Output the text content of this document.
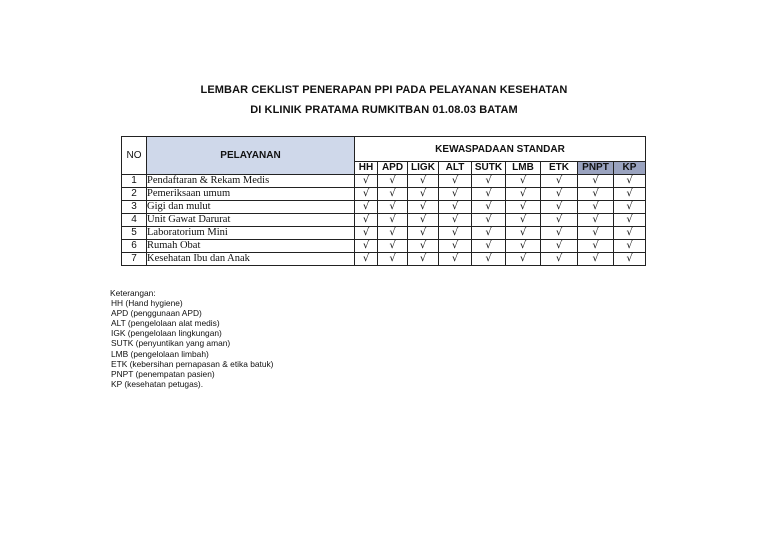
LEMBAR CEKLIST PENERAPAN PPI PADA PELAYANAN KESEHATAN
DI KLINIK PRATAMA RUMKITBAN 01.08.03 BATAM
NO	PELAYANAN	KEWASPADAAN STANDAR								
		HH	APD	LIGK	ALT	SUTK	LMB	ETK	PNPT	KP
1	Pendaftaran & Rekam Medis	√	√	√	√	√	√	√	√	√
2	Pemeriksaan umum	√	√	√	√	√	√	√	√	√
3	Gigi dan mulut	√	√	√	√	√	√	√	√	√
4	Unit Gawat Darurat	√	√	√	√	√	√	√	√	√
5	Laboratorium Mini	√	√	√	√	√	√	√	√	√
6	Rumah Obat	√	√	√	√	√	√	√	√	√
7	Kesehatan Ibu dan Anak	√	√	√	√	√	√	√	√	√
Keterangan:
HH (Hand hygiene)
APD (penggunaan APD)
ALT (pengelolaan alat medis)
IGK (pengelolaan lingkungan)
SUTK (penyuntikan yang aman)
LMB (pengelolaan limbah)
ETK (kebersihan pernapasan & etika batuk)
PNPT (penempatan pasien)
KP (kesehatan petugas).
